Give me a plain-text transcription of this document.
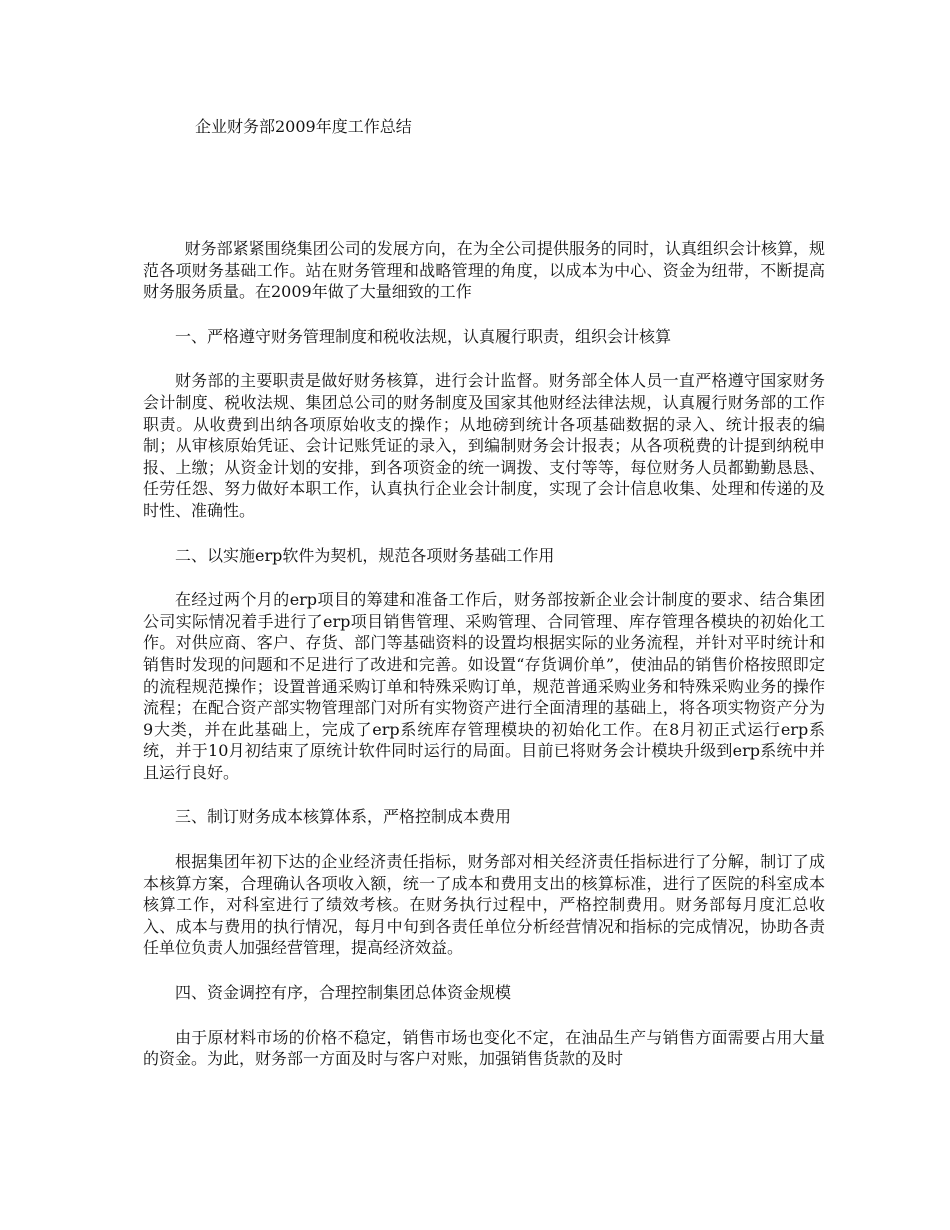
企业财务部2009年度工作总结

财务部紧紧围绕集团公司的发展方向，在为全公司提供服务的同时，认真组织会计核算，规范各项财务基础工作。站在财务管理和战略管理的角度，以成本为中心、资金为纽带，不断提高财务服务质量。在2009年做了大量细致的工作

一、严格遵守财务管理制度和税收法规，认真履行职责，组织会计核算

财务部的主要职责是做好财务核算，进行会计监督。财务部全体人员一直严格遵守国家财务会计制度、税收法规、集团总公司的财务制度及国家其他财经法律法规，认真履行财务部的工作职责。从收费到出纳各项原始收支的操作；从地磅到统计各项基础数据的录入、统计报表的编制；从审核原始凭证、会计记账凭证的录入，到编制财务会计报表；从各项税费的计提到纳税申报、上缴；从资金计划的安排，到各项资金的统一调拨、支付等等，每位财务人员都勤勤恳恳、任劳任怨、努力做好本职工作，认真执行企业会计制度，实现了会计信息收集、处理和传递的及时性、准确性。

二、以实施erp软件为契机，规范各项财务基础工作用

在经过两个月的erp项目的筹建和准备工作后，财务部按新企业会计制度的要求、结合集团公司实际情况着手进行了erp项目销售管理、采购管理、合同管理、库存管理各模块的初始化工作。对供应商、客户、存货、部门等基础资料的设置均根据实际的业务流程，并针对平时统计和销售时发现的问题和不足进行了改进和完善。如设置“存货调价单”，使油品的销售价格按照即定的流程规范操作；设置普通采购订单和特殊采购订单，规范普通采购业务和特殊采购业务的操作流程；在配合资产部实物管理部门对所有实物资产进行全面清理的基础上，将各项实物资产分为9大类，并在此基础上，完成了erp系统库存管理模块的初始化工作。在8月初正式运行erp系统，并于10月初结束了原统计软件同时运行的局面。目前已将财务会计模块升级到erp系统中并且运行良好。

三、制订财务成本核算体系，严格控制成本费用

根据集团年初下达的企业经济责任指标，财务部对相关经济责任指标进行了分解，制订了成本核算方案，合理确认各项收入额，统一了成本和费用支出的核算标准，进行了医院的科室成本核算工作，对科室进行了绩效考核。在财务执行过程中，严格控制费用。财务部每月度汇总收入、成本与费用的执行情况，每月中旬到各责任单位分析经营情况和指标的完成情况，协助各责任单位负责人加强经营管理，提高经济效益。

四、资金调控有序，合理控制集团总体资金规模

由于原材料市场的价格不稳定，销售市场也变化不定，在油品生产与销售方面需要占用大量的资金。为此，财务部一方面及时与客户对账，加强销售货款的及时
